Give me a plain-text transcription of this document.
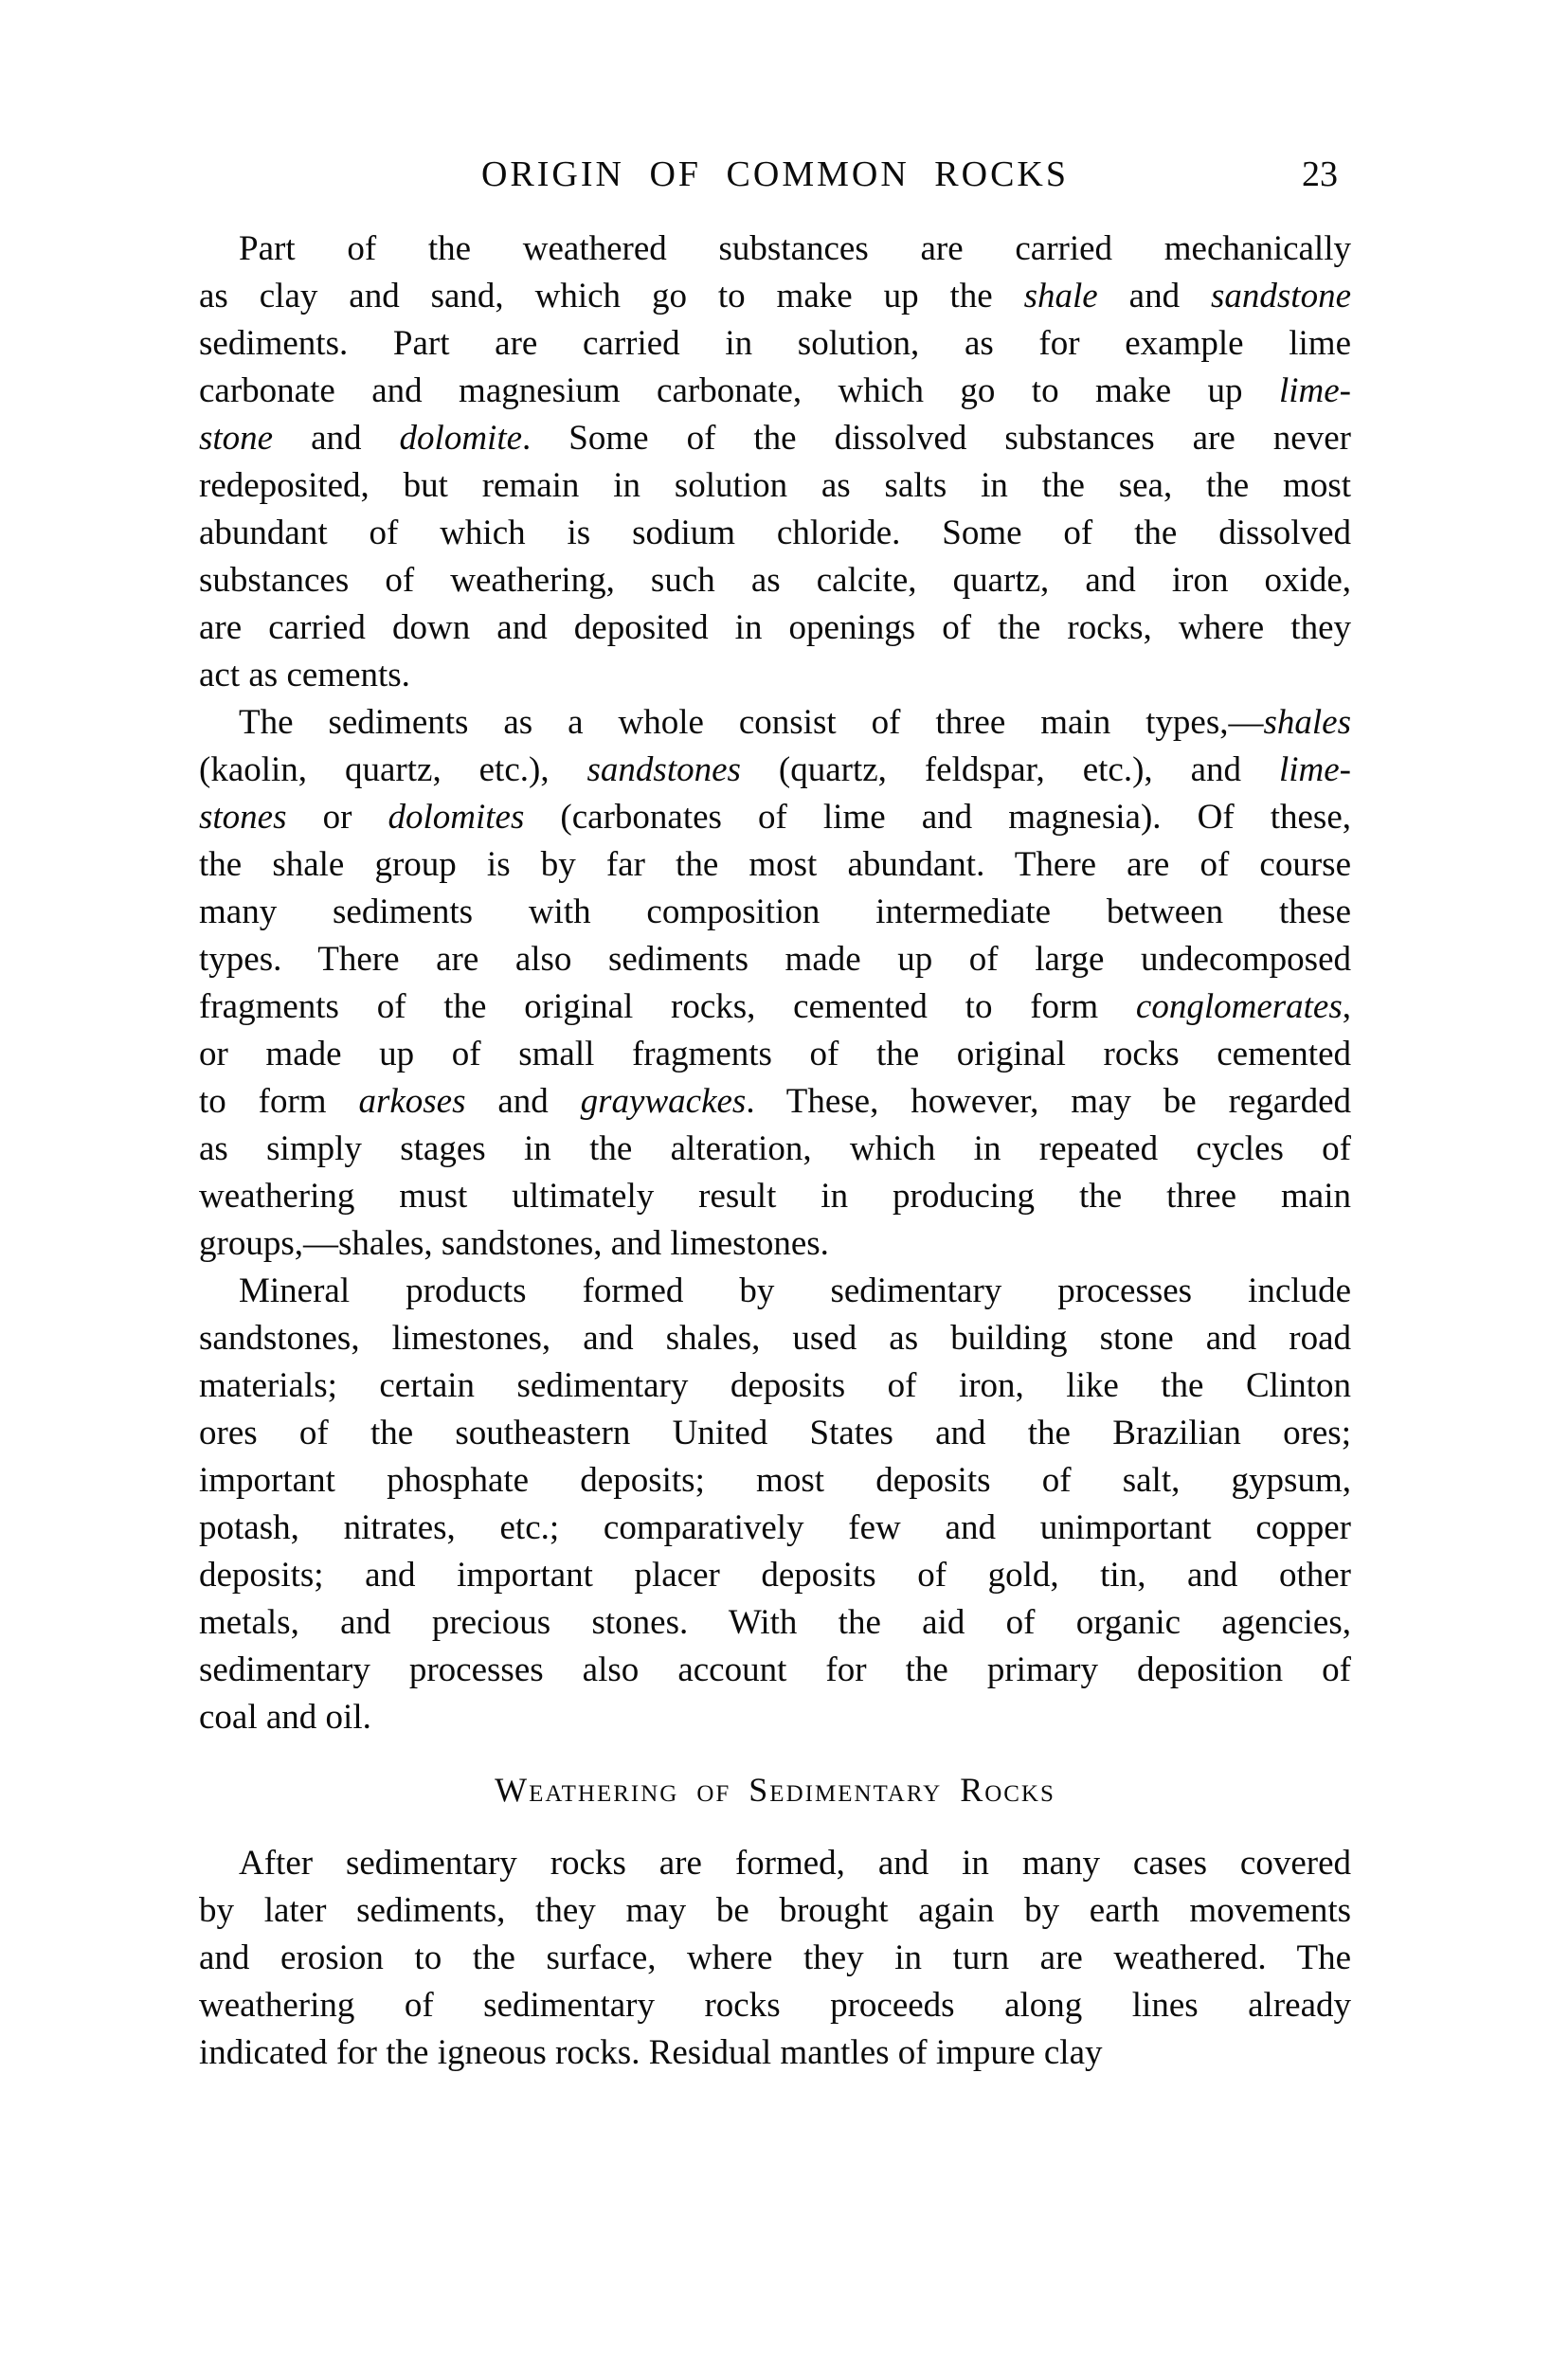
ORIGIN OF COMMON ROCKS	23
Part of the weathered substances are carried mechanically
as clay and sand, which go to make up the shale and sandstone
sediments. Part are carried in solution, as for example lime
carbonate and magnesium carbonate, which go to make up lime-
stone and dolomite. Some of the dissolved substances are never
redeposited, but remain in solution as salts in the sea, the most
abundant of which is sodium chloride. Some of the dissolved
substances of weathering, such as calcite, quartz, and iron oxide,
are carried down and deposited in openings of the rocks, where they
act as cements.
The sediments as a whole consist of three main types,—shales
(kaolin, quartz, etc.), sandstones (quartz, feldspar, etc.), and lime-
stones or dolomites (carbonates of lime and magnesia). Of these,
the shale group is by far the most abundant. There are of course
many sediments with composition intermediate between these
types. There are also sediments made up of large undecomposed
fragments of the original rocks, cemented to form conglomerates,
or made up of small fragments of the original rocks cemented
to form arkoses and graywackes. These, however, may be regarded
as simply stages in the alteration, which in repeated cycles of
weathering must ultimately result in producing the three main
groups,—shales, sandstones, and limestones.
Mineral products formed by sedimentary processes include
sandstones, limestones, and shales, used as building stone and road
materials; certain sedimentary deposits of iron, like the Clinton
ores of the southeastern United States and the Brazilian ores;
important phosphate deposits; most deposits of salt, gypsum,
potash, nitrates, etc.; comparatively few and unimportant copper
deposits; and important placer deposits of gold, tin, and other
metals, and precious stones. With the aid of organic agencies,
sedimentary processes also account for the primary deposition of
coal and oil.
Weathering of Sedimentary Rocks
After sedimentary rocks are formed, and in many cases covered
by later sediments, they may be brought again by earth movements
and erosion to the surface, where they in turn are weathered. The
weathering of sedimentary rocks proceeds along lines already
indicated for the igneous rocks. Residual mantles of impure clay
